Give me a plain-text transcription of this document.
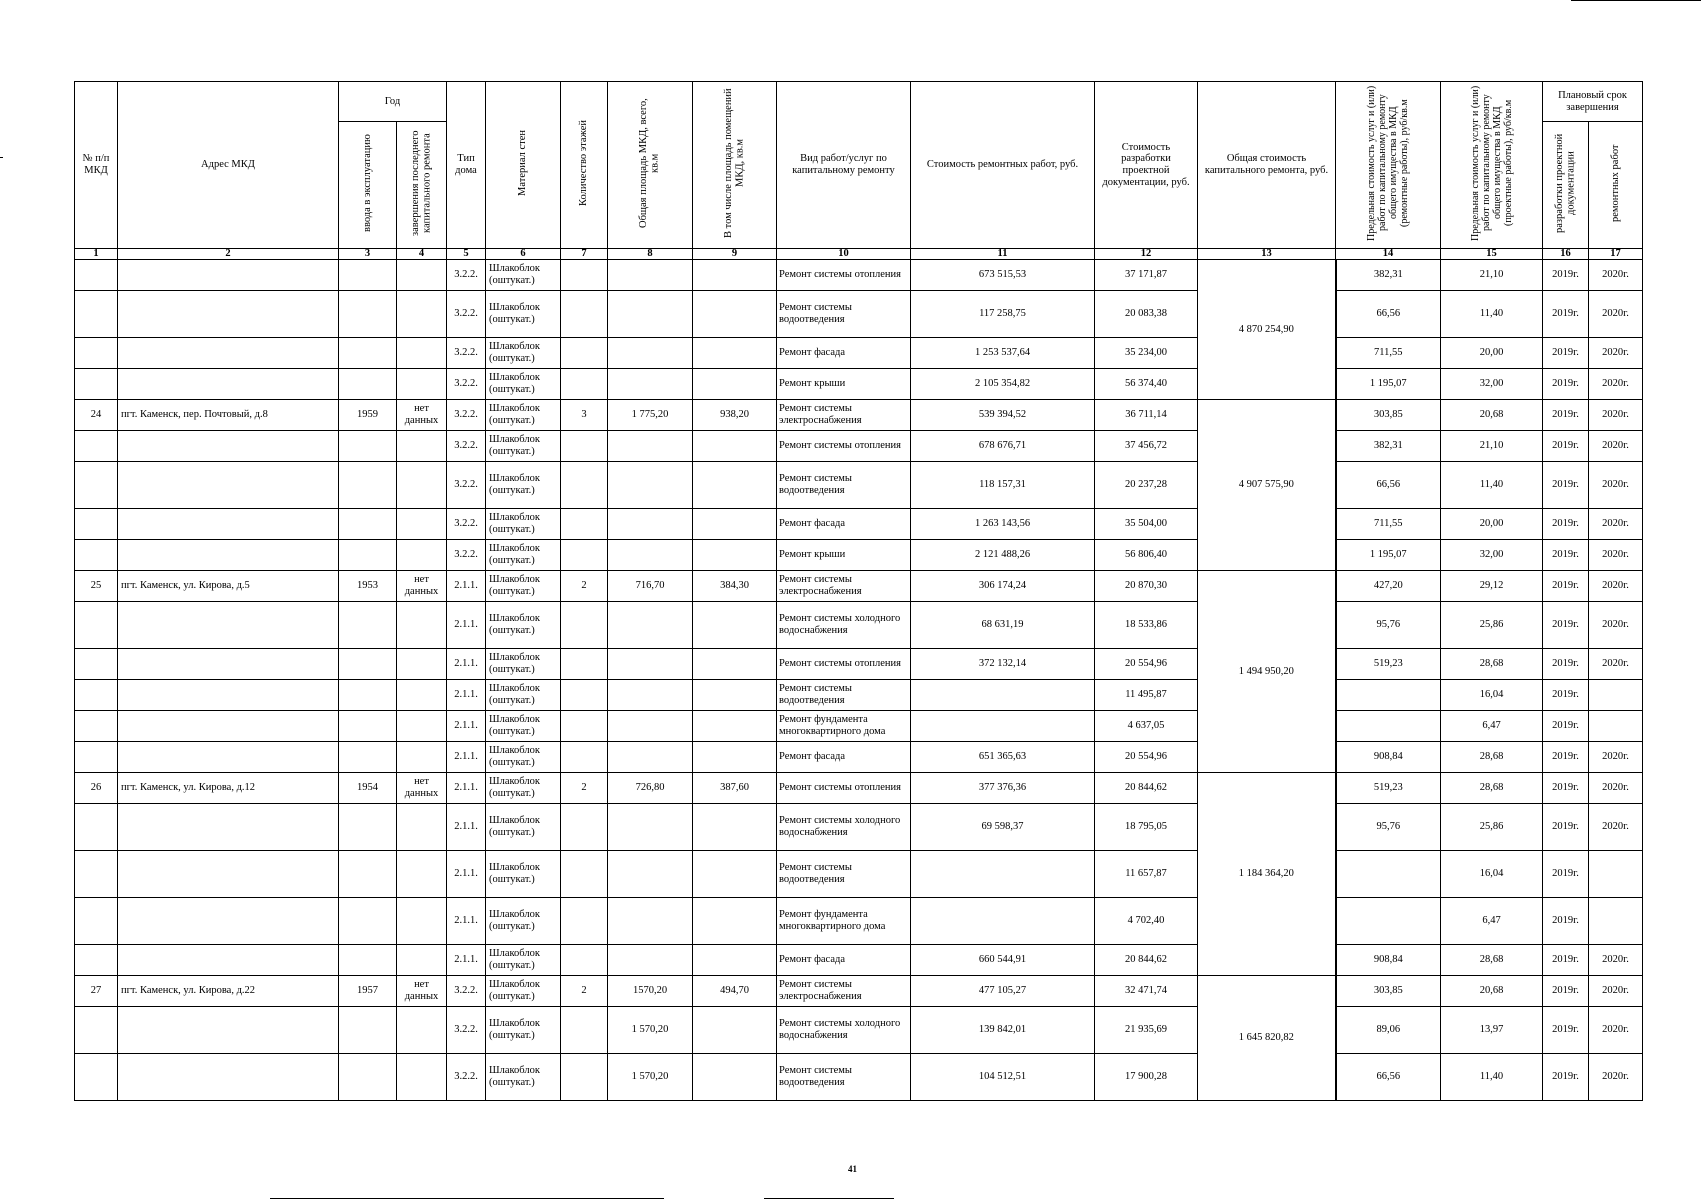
№ п/п МКД	Адрес МКД	Год		Тип дома	Материал стен	Количество этажей	Общая площадь МКД, всего, кв.м	В том числе площадь помещений МКД, кв.м	Вид работ/услуг по капитальному ремонту	Стоимость ремонтных работ, руб.	Стоимость разработки проектной документации, руб.	Общая стоимость капитального ремонта, руб.	Предельная стоимость услуг и (или) работ по капитальному ремонту общего имущества в МКД (ремонтные работы), руб/кв.м	Предельная стоимость услуг и (или) работ по капитальному ремонту общего имущества в МКД (проектные работы), руб/кв.м	Плановый срок завершения	
		ввода в эксплуатацию	завершения последнего капитального ремонта												разработки проектной документации	ремонтных работ
1	2	3	4	5	6	7	8	9	10	11	12	13	14	15	16	17
				3.2.2.	Шлакоблок (оштукат.)				Ремонт системы отопления	673 515,53	37 171,87	4 870 254,90	382,31	21,10	2019г.	2020г.
				3.2.2.	Шлакоблок (оштукат.)				Ремонт системы водоотведения	117 258,75	20 083,38		66,56	11,40	2019г.	2020г.
				3.2.2.	Шлакоблок (оштукат.)				Ремонт фасада	1 253 537,64	35 234,00		711,55	20,00	2019г.	2020г.
				3.2.2.	Шлакоблок (оштукат.)				Ремонт крыши	2 105 354,82	56 374,40		1 195,07	32,00	2019г.	2020г.
24	пгт. Каменск, пер. Почтовый, д.8	1959	нет данных	3.2.2.	Шлакоблок (оштукат.)	3	1 775,20	938,20	Ремонт системы электроснабжения	539 394,52	36 711,14	4 907 575,90	303,85	20,68	2019г.	2020г.
				3.2.2.	Шлакоблок (оштукат.)				Ремонт системы отопления	678 676,71	37 456,72		382,31	21,10	2019г.	2020г.
				3.2.2.	Шлакоблок (оштукат.)				Ремонт системы водоотведения	118 157,31	20 237,28		66,56	11,40	2019г.	2020г.
				3.2.2.	Шлакоблок (оштукат.)				Ремонт фасада	1 263 143,56	35 504,00		711,55	20,00	2019г.	2020г.
				3.2.2.	Шлакоблок (оштукат.)				Ремонт крыши	2 121 488,26	56 806,40		1 195,07	32,00	2019г.	2020г.
25	пгт. Каменск, ул. Кирова, д.5	1953	нет данных	2.1.1.	Шлакоблок (оштукат.)	2	716,70	384,30	Ремонт системы электроснабжения	306 174,24	20 870,30	1 494 950,20	427,20	29,12	2019г.	2020г.
				2.1.1.	Шлакоблок (оштукат.)				Ремонт системы холодного водоснабжения	68 631,19	18 533,86		95,76	25,86	2019г.	2020г.
				2.1.1.	Шлакоблок (оштукат.)				Ремонт системы отопления	372 132,14	20 554,96		519,23	28,68	2019г.	2020г.
				2.1.1.	Шлакоблок (оштукат.)				Ремонт системы водоотведения		11 495,87			16,04	2019г.	
				2.1.1.	Шлакоблок (оштукат.)				Ремонт фундамента многоквартирного дома		4 637,05			6,47	2019г.	
				2.1.1.	Шлакоблок (оштукат.)				Ремонт фасада	651 365,63	20 554,96		908,84	28,68	2019г.	2020г.
26	пгт. Каменск, ул. Кирова, д.12	1954	нет данных	2.1.1.	Шлакоблок (оштукат.)	2	726,80	387,60	Ремонт системы отопления	377 376,36	20 844,62	1 184 364,20	519,23	28,68	2019г.	2020г.
				2.1.1.	Шлакоблок (оштукат.)				Ремонт системы холодного водоснабжения	69 598,37	18 795,05		95,76	25,86	2019г.	2020г.
				2.1.1.	Шлакоблок (оштукат.)				Ремонт системы водоотведения		11 657,87			16,04	2019г.	
				2.1.1.	Шлакоблок (оштукат.)				Ремонт фундамента многоквартирного дома		4 702,40			6,47	2019г.	
				2.1.1.	Шлакоблок (оштукат.)				Ремонт фасада	660 544,91	20 844,62		908,84	28,68	2019г.	2020г.
27	пгт. Каменск, ул. Кирова, д.22	1957	нет данных	3.2.2.	Шлакоблок (оштукат.)	2	1570,20	494,70	Ремонт системы электроснабжения	477 105,27	32 471,74	1 645 820,82	303,85	20,68	2019г.	2020г.
				3.2.2.	Шлакоблок (оштукат.)		1 570,20		Ремонт системы холодного водоснабжения	139 842,01	21 935,69		89,06	13,97	2019г.	2020г.
				3.2.2.	Шлакоблок (оштукат.)		1 570,20		Ремонт системы водоотведения	104 512,51	17 900,28		66,56	11,40	2019г.	2020г.
41
